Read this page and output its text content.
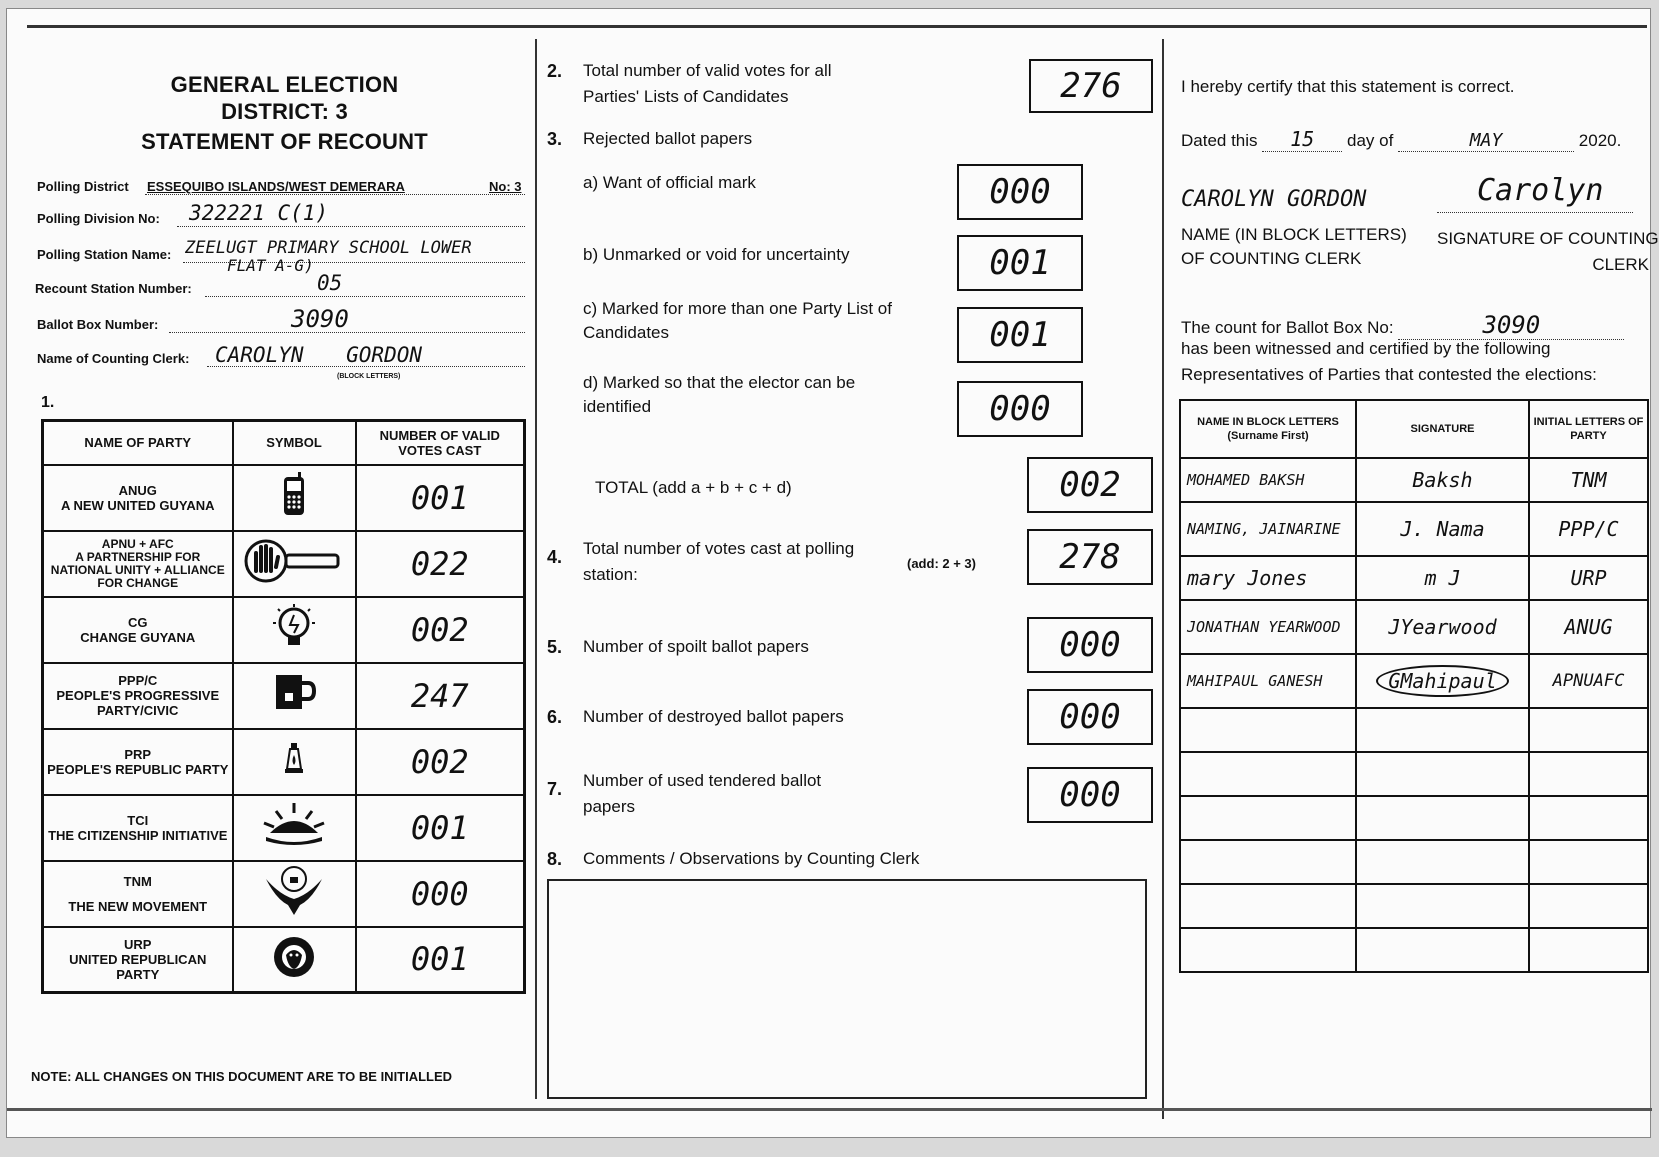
GENERAL ELECTION
DISTRICT: 3
STATEMENT OF RECOUNT
Polling District ESSEQUIBO ISLANDS/WEST DEMERARA	No: 3
Polling Division No: 322221 C(1)
Polling Station Name: ZEELUGT PRIMARY SCHOOL LOWER
FLAT A-G)
Recount Station Number:	05
Ballot Box Number:	3090
Name of Counting Clerk: CAROLYN GORDON
(BLOCK LETTERS)
1.
NAME OF PARTY	SYMBOL	NUMBER OF VALID VOTES CAST

ANUG
A NEW UNITED GUYANA		001

APNU + AFC
A PARTNERSHIP FOR NATIONAL UNITY + ALLIANCE FOR CHANGE		022

CG
CHANGE GUYANA		002

PPP/C
PEOPLE'S PROGRESSIVE PARTY/CIVIC		247

PRP
PEOPLE'S REPUBLIC PARTY		002

TCI
THE CITIZENSHIP INITIATIVE		001

TNM
THE NEW MOVEMENT		000

URP
UNITED REPUBLICAN PARTY		001
NOTE: ALL CHANGES ON THIS DOCUMENT ARE TO BE INITIALLED
2. Total number of valid votes for all
Parties' Lists of Candidates	276
3. Rejected ballot papers
a) Want of official mark	000
b) Unmarked or void for uncertainty	001
c) Marked for more than one Party List of
Candidates	001
d) Marked so that the elector can be
identified	000
TOTAL (add a + b + c + d)	002
4. Total number of votes cast at polling
station:
(add: 2 + 3)	278
5. Number of spoilt ballot papers	000
6. Number of destroyed ballot papers	000
7. Number of used tendered ballot
papers	000
8. Comments / Observations by Counting Clerk
I hereby certify that this statement is correct.
Dated this 15 day of	MAY	2020.
CAROLYN GORDON	Carolyn
NAME (IN BLOCK LETTERS)
OF COUNTING CLERK
SIGNATURE OF COUNTING
CLERK
The count for Ballot Box No:	3090
has been witnessed and certified by the following
Representatives of Parties that contested the elections:
NAME IN BLOCK LETTERS (Surname First)	SIGNATURE	INITIAL LETTERS OF PARTY
MOHAMED BAKSH	Baksh	TNM
NAMING, JAINARINE	J. Nama	PPP/C
mary Jones	m J	URP
JONATHAN YEARWOOD	JYearwood	ANUG
MAHIPAUL GANESH	GMahipaul	APNUAFC
